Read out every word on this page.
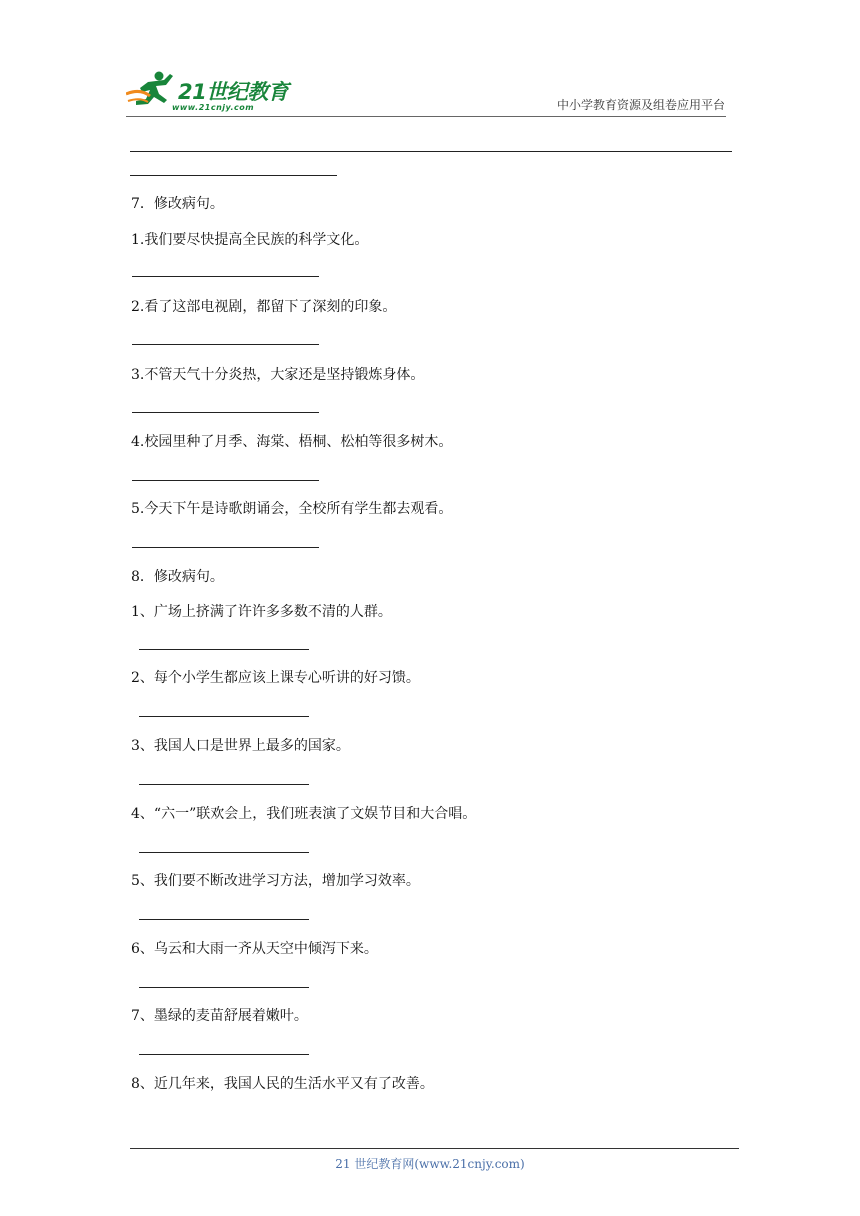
21世纪教育
www.21cnjy.com	中小学教育资源及组卷应用平台
7．修改病句。
1.我们要尽快提高全民族的科学文化。
2.看了这部电视剧，都留下了深刻的印象。
3.不管天气十分炎热，大家还是坚持锻炼身体。
4.校园里种了月季、海棠、梧桐、松柏等很多树木。
5.今天下午是诗歌朗诵会，全校所有学生都去观看。
8．修改病句。
1、广场上挤满了许许多多数不清的人群。
2、每个小学生都应该上课专心听讲的好习馈。
3、我国人口是世界上最多的国家。
4、“六一”联欢会上，我们班表演了文娱节目和大合唱。
5、我们要不断改进学习方法，增加学习效率。
6、乌云和大雨一齐从天空中倾泻下来。
7、墨绿的麦苗舒展着嫩叶。
8、近几年来，我国人民的生活水平又有了改善。
21 世纪教育网(www.21cnjy.com)
